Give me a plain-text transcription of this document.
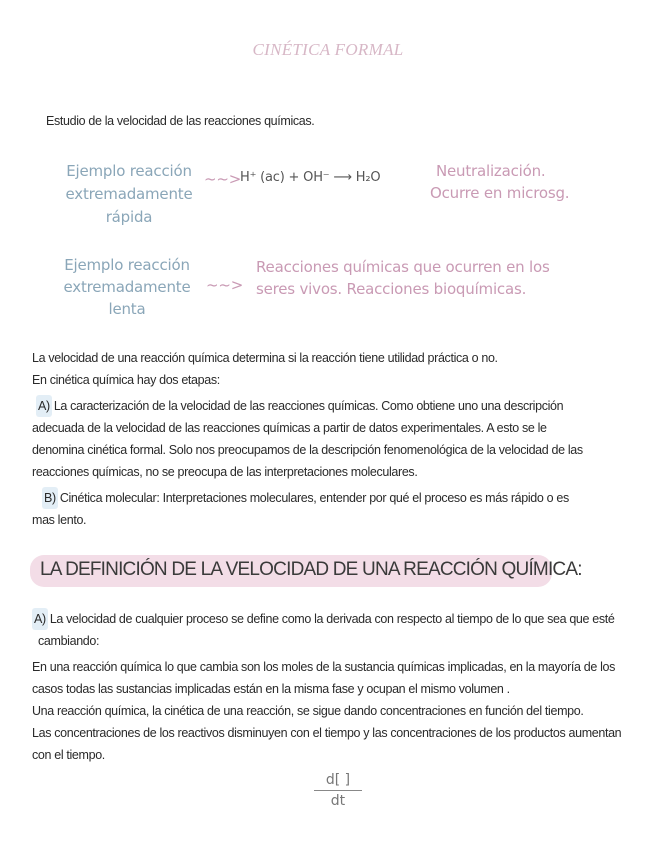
CINÉTICA FORMAL
Estudio de la velocidad de las reacciones químicas.
Ejemplo reacción
extremadamente
rápida
~~>
H⁺ (ac) + OH⁻ ⟶ H₂O	Neutralización.
Ocurre en microsg.
Ejemplo reacción
extremadamente
lenta
~~>
Reacciones químicas que ocurren en los
seres vivos. Reacciones bioquímicas.
La velocidad de una reacción química determina si la reacción tiene utilidad práctica o no.
En cinética química hay dos etapas:
A) La caracterización de la velocidad de las reacciones químicas. Como obtiene uno una descripción
adecuada de la velocidad de las reacciones químicas a partir de datos experimentales. A esto se le
denomina cinética formal. Solo nos preocupamos de la descripción fenomenológica de la velocidad de las
reacciones químicas, no se preocupa de las interpretaciones moleculares.
B) Cinética molecular: Interpretaciones moleculares, entender por qué el proceso es más rápido o es
mas lento.
LA DEFINICIÓN DE LA VELOCIDAD DE UNA REACCIÓN QUÍMICA:
A) La velocidad de cualquier proceso se define como la derivada con respecto al tiempo de lo que sea que esté
cambiando:
En una reacción química lo que cambia son los moles de la sustancia químicas implicadas, en la mayoría de los
casos todas las sustancias implicadas están en la misma fase y ocupan el mismo volumen .
Una reacción química, la cinética de una reacción, se sigue dando concentraciones en función del tiempo.
Las concentraciones de los reactivos disminuyen con el tiempo y las concentraciones de los productos aumentan
con el tiempo.
d[ ]
dt
